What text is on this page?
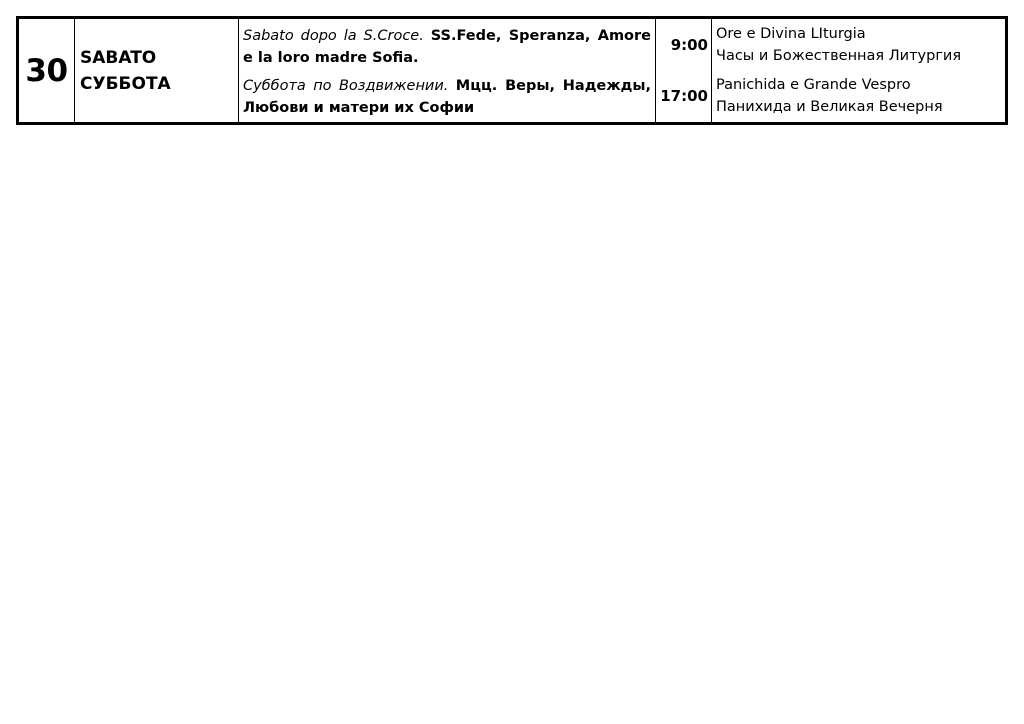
30 SABATO
СУББОТА

Sabato dopo la S.Croce. SS.Fede, Speranza, Amore e la loro madre Sofia.

Суббота по Воздвижении. Мцц. Веры, Надежды, Любови и матери их Софии

9:00
17:00
Ore e Divina LIturgia
Часы и Божественная Литургия
Panichida e Grande Vespro
Панихида и Великая Вечерня
